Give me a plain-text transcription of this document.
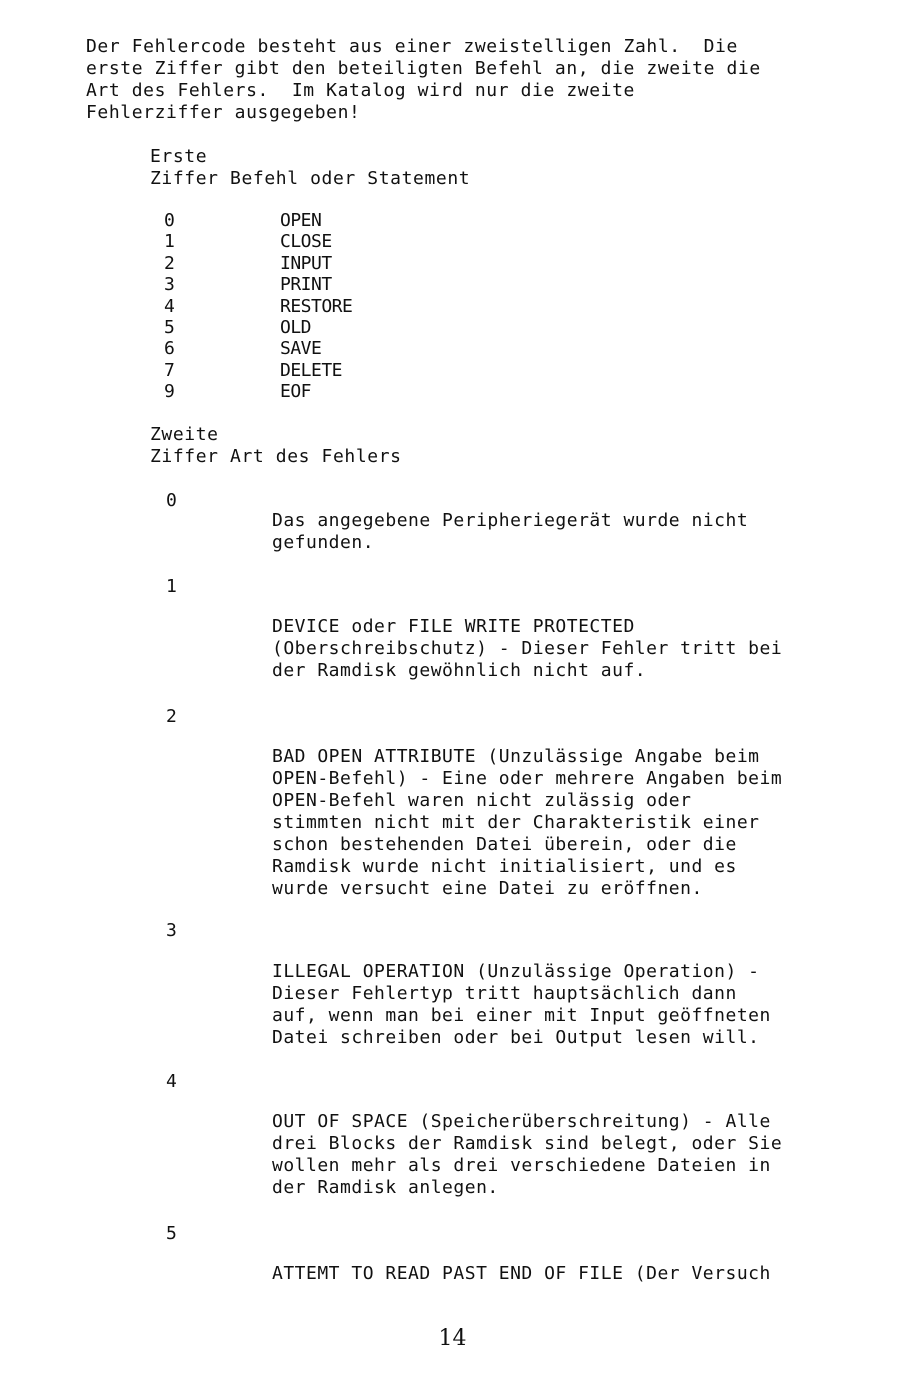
Der Fehlercode besteht aus einer zweistelligen Zahl.  Die
erste Ziffer gibt den beteiligten Befehl an, die zweite die
Art des Fehlers.  Im Katalog wird nur die zweite
Fehlerziffer ausgegeben!

Erste
Ziffer Befehl oder Statement

0	OPEN
1	CLOSE
2	INPUT
3	PRINT
4	RESTORE
5	OLD
6	SAVE
7	DELETE
9	EOF

Zweite
Ziffer Art des Fehlers

0

Das angegebene Peripheriegerät wurde nicht
gefunden.

1

DEVICE oder FILE WRITE PROTECTED
(Oberschreibschutz) - Dieser Fehler tritt bei
der Ramdisk gewöhnlich nicht auf.

2

BAD OPEN ATTRIBUTE (Unzulässige Angabe beim
OPEN-Befehl) - Eine oder mehrere Angaben beim
OPEN-Befehl waren nicht zulässig oder
stimmten nicht mit der Charakteristik einer
schon bestehenden Datei überein, oder die
Ramdisk wurde nicht initialisiert, und es
wurde versucht eine Datei zu eröffnen.

3

ILLEGAL OPERATION (Unzulässige Operation) -
Dieser Fehlertyp tritt hauptsächlich dann
auf, wenn man bei einer mit Input geöffneten
Datei schreiben oder bei Output lesen will.

4

OUT OF SPACE (Speicherüberschreitung) - Alle
drei Blocks der Ramdisk sind belegt, oder Sie
wollen mehr als drei verschiedene Dateien in
der Ramdisk anlegen.

5

ATTEMT TO READ PAST END OF FILE (Der Versuch

14
